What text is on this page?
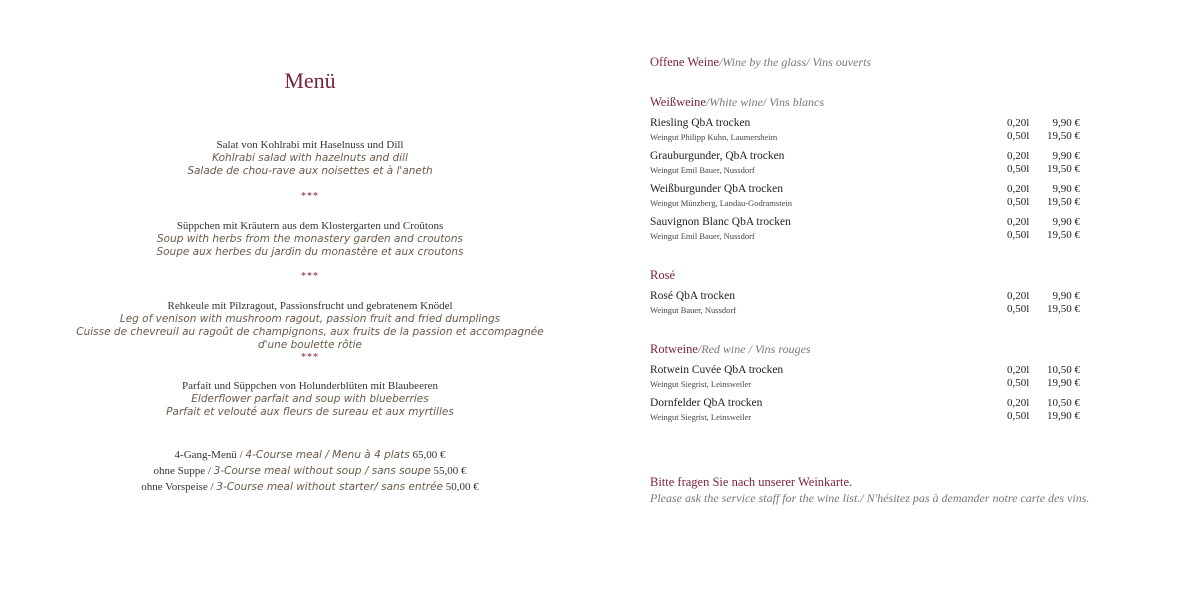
Menü
Salat von Kohlrabi mit Haselnuss und Dill
Kohlrabi salad with hazelnuts and dill
Salade de chou-rave aux noisettes et à l'aneth
***
Süppchen mit Kräutern aus dem Klostergarten und Croûtons
Soup with herbs from the monastery garden and croutons
Soupe aux herbes du jardin du monastère et aux croutons
***
Rehkeule mit Pilzragout, Passionsfrucht und gebratenem Knödel
Leg of venison with mushroom ragout, passion fruit and fried dumplings
Cuisse de chevreuil au ragoût de champignons, aux fruits de la passion et accompagnée d'une boulette rôtie
***
Parfait und Süppchen von Holunderblüten mit Blaubeeren
Elderflower parfait and soup with blueberries
Parfait et velouté aux fleurs de sureau et aux myrtilles
4-Gang-Menü / 4-Course meal / Menu à 4 plats 65,00 €
ohne Suppe / 3-Course meal without soup / sans soupe 55,00 €
ohne Vorspeise / 3-Course meal without starter/ sans entrée 50,00 €
Offene Weine/Wine by the glass/ Vins ouverts
Weißweine/White wine/ Vins blancs
Riesling QbA trocken
Weingut Philipp Kuhn, Laumersheim
0,20l	9,90 €
0,50l	19,50 €
Grauburgunder, QbA trocken
Weingut Emil Bauer, Nussdorf
0,20l	9,90 €
0,50l	19,50 €
Weißburgunder QbA trocken
Weingut Münzberg, Landau-Godramstein
0,20l	9,90 €
0,50l	19,50 €
Sauvignon Blanc QbA trocken
Weingut Emil Bauer, Nussdorf
0,20l	9,90 €
0,50l	19,50 €
Rosé
Rosé QbA trocken
Weingut Bauer, Nussdorf
0,20l	9,90 €
0,50l	19,50 €
Rotweine/Red wine / Vins rouges
Rotwein Cuvée QbA trocken
Weingut Siegrist, Leinsweiler
0,20l	10,50 €
0,50l	19,90 €
Dornfelder QbA trocken
Weingut Siegrist, Leinsweiler
0,20l	10,50 €
0,50l	19,90 €
Bitte fragen Sie nach unserer Weinkarte.
Please ask the service staff for the wine list./ N'hésitez pas à demander notre carte des vins.
